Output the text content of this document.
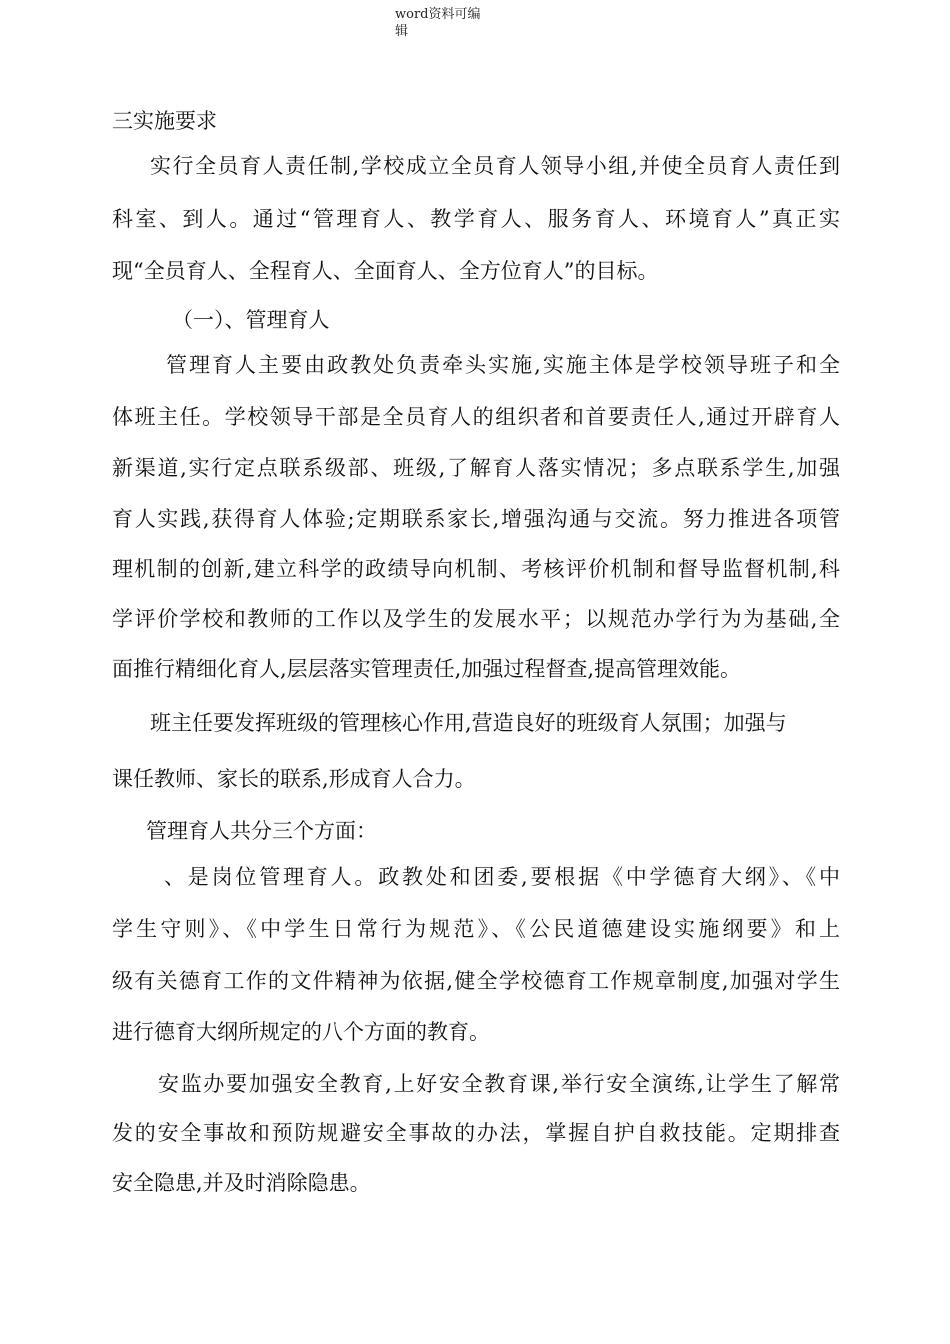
word资料可编辑
三实施要求
实行全员育人责任制,学校成立全员育人领导小组,并使全员育人责任到
科室、到人。通过“管理育人、教学育人、服务育人、环境育人”真正实
现“全员育人、全程育人、全面育人、全方位育人”的目标。
（一）、管理育人
管理育人主要由政教处负责牵头实施,实施主体是学校领导班子和全
体班主任。学校领导干部是全员育人的组织者和首要责任人,通过开辟育人
新渠道,实行定点联系级部、班级,了解育人落实情况；多点联系学生,加强
育人实践,获得育人体验;定期联系家长,增强沟通与交流。努力推进各项管
理机制的创新,建立科学的政绩导向机制、考核评价机制和督导监督机制,科
学评价学校和教师的工作以及学生的发展水平；以规范办学行为为基础,全
面推行精细化育人,层层落实管理责任,加强过程督查,提高管理效能。
班主任要发挥班级的管理核心作用,营造良好的班级育人氛围；加强与
课任教师、家长的联系,形成育人合力。
管理育人共分三个方面：
、是岗位管理育人。政教处和团委,要根据《中学德育大纲》、《中
学生守则》、《中学生日常行为规范》、《公民道德建设实施纲要》和上
级有关德育工作的文件精神为依据,健全学校德育工作规章制度,加强对学生
进行德育大纲所规定的八个方面的教育。
安监办要加强安全教育,上好安全教育课,举行安全演练,让学生了解常
发的安全事故和预防规避安全事故的办法，掌握自护自救技能。定期排查
安全隐患,并及时消除隐患。
